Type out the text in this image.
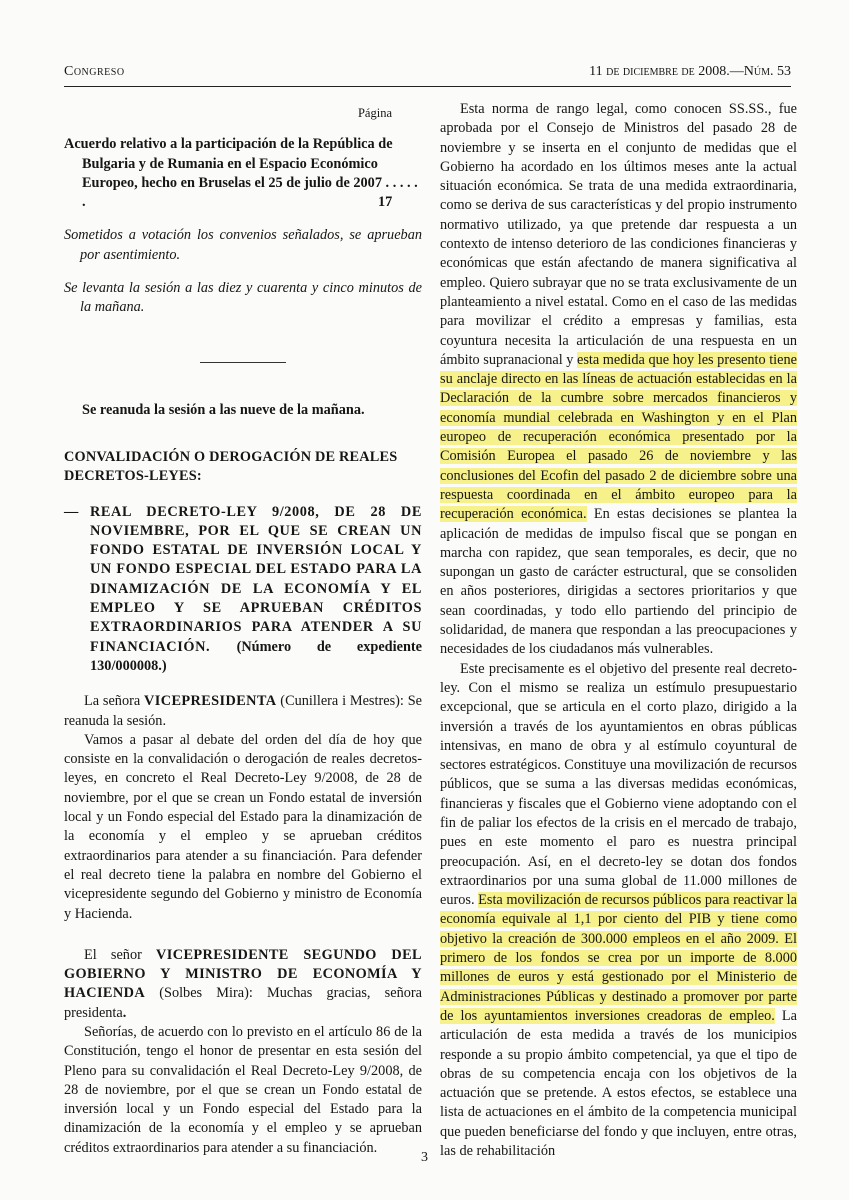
Congreso	11 de diciembre de 2008.—Núm. 53

Página

Acuerdo relativo a la participación de la República de Bulgaria y de Rumania en el Espacio Económico Europeo, hecho en Bruselas el 25 de julio de 2007 . . . . . .	17

Sometidos a votación los convenios señalados, se aprueban por asentimiento.

Se levanta la sesión a las diez y cuarenta y cinco minutos de la mañana.

Se reanuda la sesión a las nueve de la mañana.

CONVALIDACIÓN O DEROGACIÓN DE REALES DECRETOS-LEYES:

— REAL DECRETO-LEY 9/2008, DE 28 DE NOVIEMBRE, POR EL QUE SE CREAN UN FONDO ESTATAL DE INVERSIÓN LOCAL Y UN FONDO ESPECIAL DEL ESTADO PARA LA DINAMIZACIÓN DE LA ECONOMÍA Y EL EMPLEO Y SE APRUEBAN CRÉDITOS EXTRAORDINARIOS PARA ATENDER A SU FINANCIACIÓN. (Número de expediente 130/000008.)

La señora VICEPRESIDENTA (Cunillera i Mestres): Se reanuda la sesión.

Vamos a pasar al debate del orden del día de hoy que consiste en la convalidación o derogación de reales decretos-leyes, en concreto el Real Decreto-Ley 9/2008, de 28 de noviembre, por el que se crean un Fondo estatal de inversión local y un Fondo especial del Estado para la dinamización de la economía y el empleo y se aprueban créditos extraordinarios para atender a su financiación. Para defender el real decreto tiene la palabra en nombre del Gobierno el vicepresidente segundo del Gobierno y ministro de Economía y Hacienda.

El señor VICEPRESIDENTE SEGUNDO DEL GOBIERNO Y MINISTRO DE ECONOMÍA Y HACIENDA (Solbes Mira): Muchas gracias, señora presidenta.

Señorías, de acuerdo con lo previsto en el artículo 86 de la Constitución, tengo el honor de presentar en esta sesión del Pleno para su convalidación el Real Decreto-Ley 9/2008, de 28 de noviembre, por el que se crean un Fondo estatal de inversión local y un Fondo especial del Estado para la dinamización de la economía y el empleo y se aprueban créditos extraordinarios para atender a su financiación.

Esta norma de rango legal, como conocen SS.SS., fue aprobada por el Consejo de Ministros del pasado 28 de noviembre y se inserta en el conjunto de medidas que el Gobierno ha acordado en los últimos meses ante la actual situación económica. Se trata de una medida extraordinaria, como se deriva de sus características y del propio instrumento normativo utilizado, ya que pretende dar respuesta a un contexto de intenso deterioro de las condiciones financieras y económicas que están afectando de manera significativa al empleo. Quiero subrayar que no se trata exclusivamente de un planteamiento a nivel estatal. Como en el caso de las medidas para movilizar el crédito a empresas y familias, esta coyuntura necesita la articulación de una respuesta en un ámbito supranacional y esta medida que hoy les presento tiene su anclaje directo en las líneas de actuación establecidas en la Declaración de la cumbre sobre mercados financieros y economía mundial celebrada en Washington y en el Plan europeo de recuperación económica presentado por la Comisión Europea el pasado 26 de noviembre y las conclusiones del Ecofin del pasado 2 de diciembre sobre una respuesta coordinada en el ámbito europeo para la recuperación económica. En estas decisiones se plantea la aplicación de medidas de impulso fiscal que se pongan en marcha con rapidez, que sean temporales, es decir, que no supongan un gasto de carácter estructural, que se consoliden en años posteriores, dirigidas a sectores prioritarios y que sean coordinadas, y todo ello partiendo del principio de solidaridad, de manera que respondan a las preocupaciones y necesidades de los ciudadanos más vulnerables.

Este precisamente es el objetivo del presente real decreto-ley. Con el mismo se realiza un estímulo presupuestario excepcional, que se articula en el corto plazo, dirigido a la inversión a través de los ayuntamientos en obras públicas intensivas, en mano de obra y al estímulo coyuntural de sectores estratégicos. Constituye una movilización de recursos públicos, que se suma a las diversas medidas económicas, financieras y fiscales que el Gobierno viene adoptando con el fin de paliar los efectos de la crisis en el mercado de trabajo, pues en este momento el paro es nuestra principal preocupación. Así, en el decreto-ley se dotan dos fondos extraordinarios por una suma global de 11.000 millones de euros. Esta movilización de recursos públicos para reactivar la economía equivale al 1,1 por ciento del PIB y tiene como objetivo la creación de 300.000 empleos en el año 2009. El primero de los fondos se crea por un importe de 8.000 millones de euros y está gestionado por el Ministerio de Administraciones Públicas y destinado a promover por parte de los ayuntamientos inversiones creadoras de empleo. La articulación de esta medida a través de los municipios responde a su propio ámbito competencial, ya que el tipo de obras de su competencia encaja con los objetivos de la actuación que se pretende. A estos efectos, se establece una lista de actuaciones en el ámbito de la competencia municipal que pueden beneficiarse del fondo y que incluyen, entre otras, las de rehabilitación

3
